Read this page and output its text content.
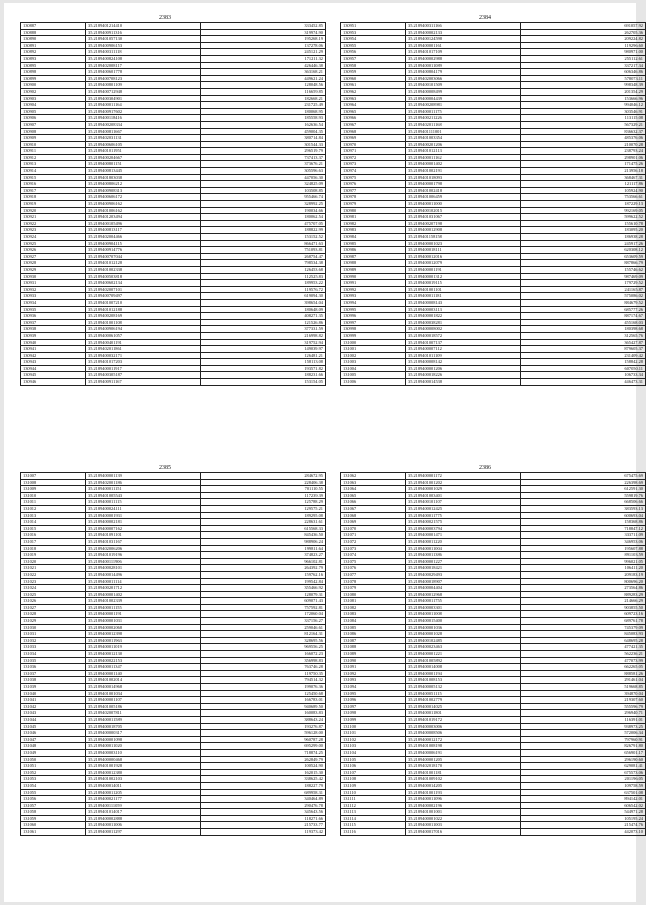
2383
130887	35.2189401214410	333452.85
130888	35.2189400911316	319974.90
130890	35.2189401057130	195268.19
130891	35.2189400906153	137278.06
130892	35.2189400311118	245121.29
130893	35.2189400824108	171211.32
130895	35.2189402008117	426446.38
130898	35.2189400601778	363168.21
130899	35.2189400708123	449621.24
130900	35.2189400801109	128048.56
130902	35.2189400712948	116659.85
130903	35.2189400304901	182668.21
130904	35.2189400011164	231725.49
130905	35.2189400917602	180068.95
130906	35.2189400118416	185558.93
130907	35.2189400208334	162636.54
130908	35.2189400811667	459004.35
130909	35.2189402031131	380714.84
130910	35.2189400606105	301544.33
130911	35.2189401011951	296519.79
130912	35.2189400204667	737413.37
130913	35.2189400801151	373676.21
130914	35.2189400813445	305596.63
130915	35.2189401803038	447056.30
130916	35.2189400806212	324825.09
130917	35.2189400908313	103508.85
130918	35.2189400606172	955466.74
130919	35.2189400906162	328992.25
130920	35.2189401006162	190034.66
130921	35.2189401203494	180062.54
130922	35.2189400105496	475707.05
130923	35.2189400813117	188822.99
130924	35.2189402004466	153152.52
130925	35.2189400904115	866471.63
130926	35.2189400914776	751093.81
130927	35.2189400707044	268754.47
130928	35.2189401012128	798534.38
130929	35.2189401002338	126453.68
130930	35.2189400503818	112525.83
130931	35.2189400602134	189953.22
130932	35.2189402007101	119576.72
130933	35.2189400709497	619094.30
130934	35.2189401007210	398654.04
130935	35.2189401012188	180648.09
130936	35.2189400208169	408271.35
130937	35.2189401001108	121526.86
130938	35.2189400906194	377331.59
130939	35.2189400061057	216998.82
130940	35.2189400401191	319752.94
130941	35.2189402011861	149039.97
130942	35.2189400032171	126481.21
130943	35.2189401017203	158113.08
130944	35.2189400011917	193571.82
130945	35.2189400305187	188231.66
130946	35.2189400911167	153154.05
2384
130951	35.2189400311166	691057.92
130953	35.2189400002133	262705.36
130954	35.2189400124598	209224.82
130955	35.2189400001161	119296.60
130956	35.2189401017109	980971.00
130957	35.2189400002988	255112.61
130958	35.2189400011089	337217.34
130959	35.2189400804179	606346.86
130960	35.2189402003066	578073.11
130961	35.2189400101509	998348.39
130962	35.2189400008499	201354.29
130963	35.2189400004439	153666.96
130964	35.2189400208981	994046.12
130965	35.2189400011175	303546.91
130966	35.2189400211226	113115.08
130967	35.2189402011168	567329.21
130968	35.2189401111001	836632.37
130969	35.2189401003354	485376.06
130970	35.2189400201206	210070.28
130971	35.2189401012113	238793.24
130972	35.2189400011162	298901.06
130973	35.2189400001402	171475.26
130974	35.2189401002191	213956.18
130975	35.2189401018093	368467.31
130976	35.2189400001798	121117.86
130977	35.2189401002418	105924.90
130978	35.2189401006459	753566.61
130979	35.2189400011000	187229.13
130980	35.2189400102015	992169.05
130981	35.2189401031067	599622.52
130982	35.2189400207198	155610.78
130983	35.2189400012908	183095.20
130984	35.2189401158158	186938.28
130985	35.2189400001023	245917.26
130986	35.2189400018111	620308.12
130987	35.2189400012016	653609.59
130988	35.2189400012079	887866.79
130989	35.2189400001191	155746.62
130990	35.2189400001312	987469.09
130991	35.2189400019115	179729.52
130992	35.2189401001101	241165.87
130993	35.2189400011181	575086.02
130994	35.2189400008143	884679.52
130995	35.2189400003113	685777.26
130996	35.2189400001822	887174.67
130997	35.2189400038281	455168.03
130998	35.2189400008002	180398.68
130999	35.2189400018572	312565.76
131000	35.2189401007137	365427.87
131001	35.2189400007112	879605.37
131002	35.2189401011109	231409.42
131003	35.2189400008142	158842.28
131004	35.2189400001206	607050.11
131005	35.2189400018226	106733.34
131006	35.2189400014538	446473.31
2385
131007	35.2189400001139	284672.95
131008	35.2189402001186	228406.38
131009	35.2189400011151	701110.55
131010	35.2189401005543	117239.39
131011	35.2189400011115	125788.29
131012	35.2189400024111	129575.21
131013	35.2189400001931	189295.08
131014	35.2189400002181	228631.61
131015	35.2189400007162	615568.33
131016	35.2189401091101	845436.50
131017	35.2189401031167	988906.24
131018	35.2189402006206	199811.64
131019	35.2189401019196	374823.27
131020	35.2189400111906	966102.81
131021	35.2189400028101	264392.79
131022	35.2189400014496	159762.16
131023	35.2189400011114	199542.84
131024	35.2189400201712	355466.92
131025	35.2189400001402	128079.31
131026	35.2189401002339	609071.43
131027	35.2189400011155	757592.81
131028	35.2189400001191	172060.04
131029	35.2189400001031	337156.27
131030	35.2189400002068	259046.61
131031	35.2189400012398	812164.31
131032	35.2189400011963	328695.56
131033	35.2189400011019	969556.25
131034	35.2189400012130	166072.23
131035	35.2189400022153	356998.83
131036	35.2189400011347	763746.28
131037	35.2189400001140	119750.35
131038	35.2189401002014	794514.32
131039	35.2189400014968	199076.36
131040	35.2189401001034	125450.68
131041	35.2189400001107	166783.01
131042	35.2189401005186	940689.50
131043	35.2189402007811	160083.83
131044	35.2189400011589	388643.24
131045	35.2189400018705	193276.87
131046	35.2189400000317	596128.00
131047	35.2189400001098	960787.28
131048	35.2189400011020	695299.00
131049	35.2189400003110	718874.25
131050	35.2189400000468	262849.79
131051	35.2189401001928	100524.90
131052	35.2189400012380	162015.30
131053	35.2189401002103	338625.42
131054	35.2189400014011	188227.79
131055	35.2189400011205	689958.31
131056	35.2189400021177	340464.89
131057	35.2189400111059	290476.78
131058	35.2189401014017	345643.56
131059	35.2189400002888	118271.66
131060	35.2189400011006	215733.77
131061	35.2189400011297	119373.42
2386
131062	35.2189400001172	675475.69
131063	35.2189401001202	226398.69
131064	35.2189400001029	612591.30
131065	35.2189401003401	559819.76
131066	35.2189400101107	668506.66
131067	35.2189400012425	383593.13
131068	35.2189400011775	600693.04
131069	35.2189400021575	158368.86
131070	35.2189400003794	718847.12
131071	35.2189400001471	333711.09
131072	35.2189400011220	346953.06
131073	35.2189400011004	195607.88
131074	35.2189400011386	891103.59
131075	35.2189400001227	996021.05
131076	35.2189400018421	106411.20
131077	35.2189400029493	209183.19
131078	35.2189400018907	800696.20
131079	35.2189400004404	273564.86
131080	35.2189400012968	889283.29
131081	35.2189400011755	214666.29
131082	35.2189400003301	903855.50
131083	35.2189400011008	609723.16
131084	35.2189400015400	689761.78
131085	35.2189400001036	745379.09
131086	35.2189400001028	845083.93
131087	35.2189400102485	648695.28
131088	35.2189400023463	477421.35
131089	35.2189400001221	562236.21
131090	35.2189401005892	477073.99
131091	35.2189400014008	662265.05
131092	35.2189400001194	888581.26
131093	35.2189401008153	291461.04
131094	35.2189400005132	519668.85
131095	35.2189400051115	394870.04
131096	35.2189401002779	219307.60
131097	35.2189400014025	555596.79
131098	35.2189400011801	296940.71
131099	35.2189401019172	116391.01
131100	35.2189400003006	938973.25
131101	35.2189400008506	572006.34
131102	35.2189400012172	797960.91
131103	35.2189401008198	826791.80
131104	35.2189400006191	656901.17
131105	35.2189400001205	296190.60
131106	35.2189402018170	629081.41
131107	35.2189401001181	675573.06
131108	35.2189401009102	201196.05
131109	35.2189400014205	109758.59
131110	35.2189401001193	637501.08
131111	35.2189400011096	894142.01
131112	35.2189400002196	606542.02
131113	35.2189401001001	544971.28
131114	35.2189400001022	105195.24
131115	35.2189400011003	215474.76
131116	35.2189400017016	442073.10
